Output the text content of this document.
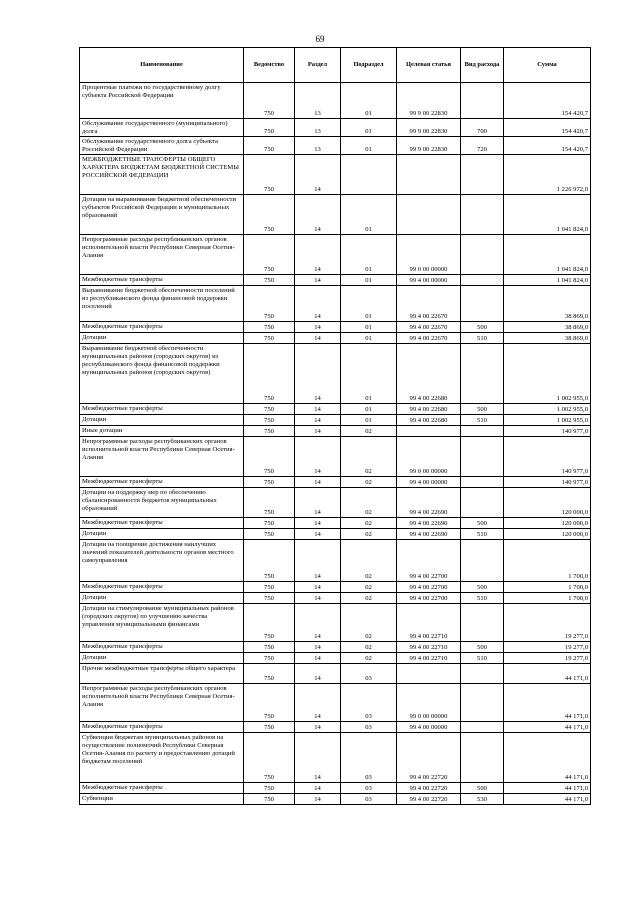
69
Наименование	Ведомство	Раздел	Подраздел	Целевая статья	Вид расхода	Сумма
Процентные платежи по государственному долгу субъекта Российской Федерации	750	13	01	99 9 00 22830		154 420,7
Обслуживание государственного (муниципального) долга	750	13	01	99 9 00 22830	700	154 420,7
Обслуживание государственного долга субъекта Российской Федерации	750	13	01	99 9 00 22830	720	154 420,7
МЕЖБЮДЖЕТНЫЕ ТРАНСФЕРТЫ ОБЩЕГО ХАРАКТЕРА БЮДЖЕТАМ БЮДЖЕТНОЙ СИСТЕМЫ РОССИЙСКОЙ ФЕДЕРАЦИИ	750	14				1 226 972,0
Дотации на выравнивание бюджетной обеспеченности субъектов Российской Федерации и муниципальных образований	750	14	01			1 041 824,0
Непрограммные расходы республиканских органов исполнительной власти Республики Северная Осетия-Алания	750	14	01	99 0 00 00000		1 041 824,0
Межбюджетные трансферты	750	14	01	99 4 00 00000		1 041 824,0
Выравнивание бюджетной обеспеченности поселений из республиканского фонда финансовой поддержки поселений	750	14	01	99 4 00 22670		38 869,0
Межбюджетные трансферты	750	14	01	99 4 00 22670	500	38 869,0
Дотации	750	14	01	99 4 00 22670	510	38 869,0
Выравнивание бюджетной обеспеченности муниципальных районов (городских округов) из республиканского фонда финансовой поддержки муниципальных районов (городских округов)	750	14	01	99 4 00 22680		1 002 955,0
Межбюджетные трансферты	750	14	01	99 4 00 22680	500	1 002 955,0
Дотации	750	14	01	99 4 00 22680	510	1 002 955,0
Иные дотации	750	14	02			140 977,0
Непрограммные расходы республиканских органов исполнительной власти Республики Северная Осетия-Алания	750	14	02	99 0 00 00000		140 977,0
Межбюджетные трансферты	750	14	02	99 4 00 00000		140 977,0
Дотации на поддержку мер по обеспечению сбалансированности бюджетов муниципальных образований	750	14	02	99 4 00 22690		120 000,0
Межбюджетные трансферты	750	14	02	99 4 00 22690	500	120 000,0
Дотации	750	14	02	99 4 00 22690	510	120 000,0
Дотации на поощрение достижения наилучших значений показателей деятельности органов местного самоуправления	750	14	02	99 4 00 22700		1 700,0
Межбюджетные трансферты	750	14	02	99 4 00 22700	500	1 700,0
Дотации	750	14	02	99 4 00 22700	510	1 700,0
Дотации на стимулирование муниципальных районов (городских округов) по улучшению качества управления муниципальными финансами	750	14	02	99 4 00 22710		19 277,0
Межбюджетные трансферты	750	14	02	99 4 00 22710	500	19 277,0
Дотации	750	14	02	99 4 00 22710	510	19 277,0
Прочие межбюджетные трансферты общего характера	750	14	03			44 171,0
Непрограммные расходы республиканских органов исполнительной власти Республики Северная Осетия-Алания	750	14	03	99 0 00 00000		44 171,0
Межбюджетные трансферты	750	14	03	99 4 00 00000		44 171,0
Субвенции бюджетам муниципальных районов на осуществление полномочий Республики Северная Осетия-Алания по расчету и предоставлению дотаций бюджетам поселений	750	14	03	99 4 00 22720		44 171,0
Межбюджетные трансферты	750	14	03	99 4 00 22720	500	44 171,0
Субвенции	750	14	03	99 4 00 22720	530	44 171,0
